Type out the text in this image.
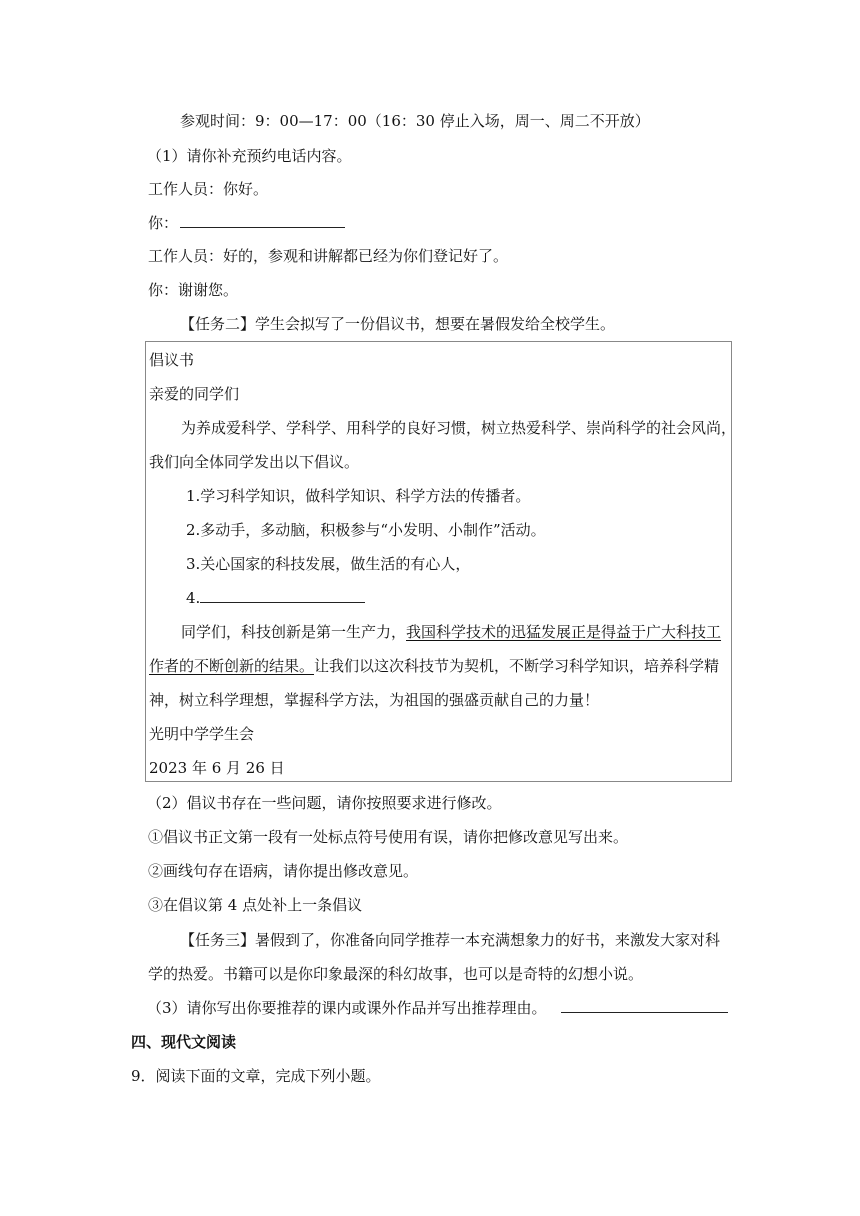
参观时间：9：00—17：00（16：30 停止入场，周一、周二不开放）
（1）请你补充预约电话内容。
工作人员：你好。
你：
工作人员：好的，参观和讲解都已经为你们登记好了。
你：谢谢您。
【任务二】学生会拟写了一份倡议书，想要在暑假发给全校学生。
倡议书
亲爱的同学们
为养成爱科学、学科学、用科学的良好习惯，树立热爱科学、崇尚科学的社会风尚，
我们向全体同学发出以下倡议。
1.学习科学知识，做科学知识、科学方法的传播者。
2.多动手，多动脑，积极参与“小发明、小制作”活动。
3.关心国家的科技发展，做生活的有心人，
4.
同学们，科技创新是第一生产力，我国科学技术的迅猛发展正是得益于广大科技工
作者的不断创新的结果。让我们以这次科技节为契机，不断学习科学知识，培养科学精
神，树立科学理想，掌握科学方法，为祖国的强盛贡献自己的力量！
光明中学学生会
2023 年 6 月 26 日
（2）倡议书存在一些问题，请你按照要求进行修改。
①倡议书正文第一段有一处标点符号使用有误，请你把修改意见写出来。
②画线句存在语病，请你提出修改意见。
③在倡议第 4 点处补上一条倡议
【任务三】暑假到了，你准备向同学推荐一本充满想象力的好书，来激发大家对科
学的热爱。书籍可以是你印象最深的科幻故事，也可以是奇特的幻想小说。
（3）请你写出你要推荐的课内或课外作品并写出推荐理由。
四、现代文阅读
9．阅读下面的文章，完成下列小题。
